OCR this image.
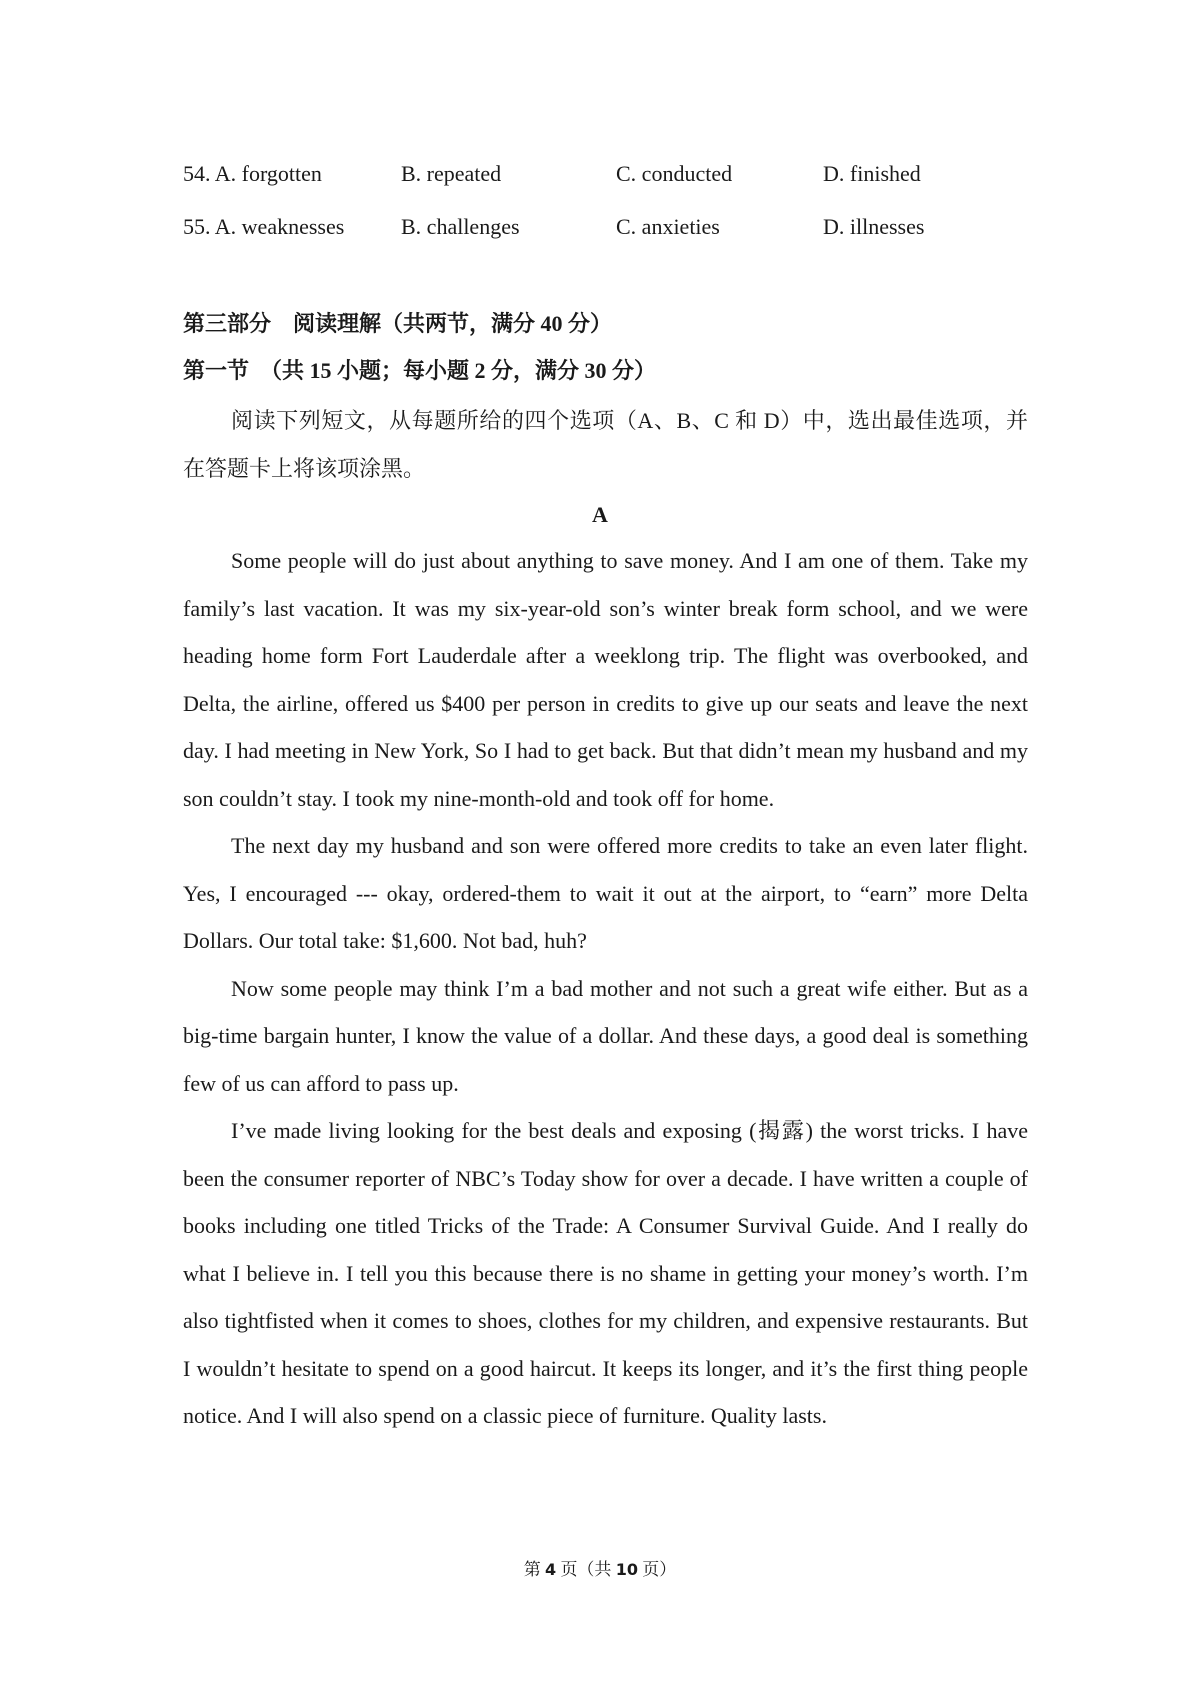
54. A. forgotten	B. repeated	C. conducted	D. finished
55. A. weaknesses	B. challenges	C. anxieties	D. illnesses
第三部分　阅读理解（共两节，满分 40 分）
第一节　（共 15 小题；每小题 2 分，满分 30 分）

阅读下列短文，从每题所给的四个选项（A、B、C 和 D）中，选出最佳选项，并在答题卡上将该项涂黑。

A

Some people will do just about anything to save money. And I am one of them. Take my family’s last vacation. It was my six-year-old son’s winter break form school, and we were heading home form Fort Lauderdale after a weeklong trip. The flight was overbooked, and Delta, the airline, offered us $400 per person in credits to give up our seats and leave the next day. I had meeting in New York, So I had to get back. But that didn’t mean my husband and my son couldn’t stay. I took my nine-month-old and took off for home.

The next day my husband and son were offered more credits to take an even later flight. Yes, I encouraged --- okay, ordered-them to wait it out at the airport, to “earn” more Delta Dollars. Our total take: $1,600. Not bad, huh?

Now some people may think I’m a bad mother and not such a great wife either. But as a big-time bargain hunter, I know the value of a dollar. And these days, a good deal is something few of us can afford to pass up.

I’ve made living looking for the best deals and exposing (揭露) the worst tricks. I have been the consumer reporter of NBC’s Today show for over a decade. I have written a couple of books including one titled Tricks of the Trade: A Consumer Survival Guide. And I really do what I believe in. I tell you this because there is no shame in getting your money’s worth. I’m also tightfisted when it comes to shoes, clothes for my children, and expensive restaurants. But I wouldn’t hesitate to spend on a good haircut. It keeps its longer, and it’s the first thing people notice. And I will also spend on a classic piece of furniture. Quality lasts.

第 4 页（共 10 页）
